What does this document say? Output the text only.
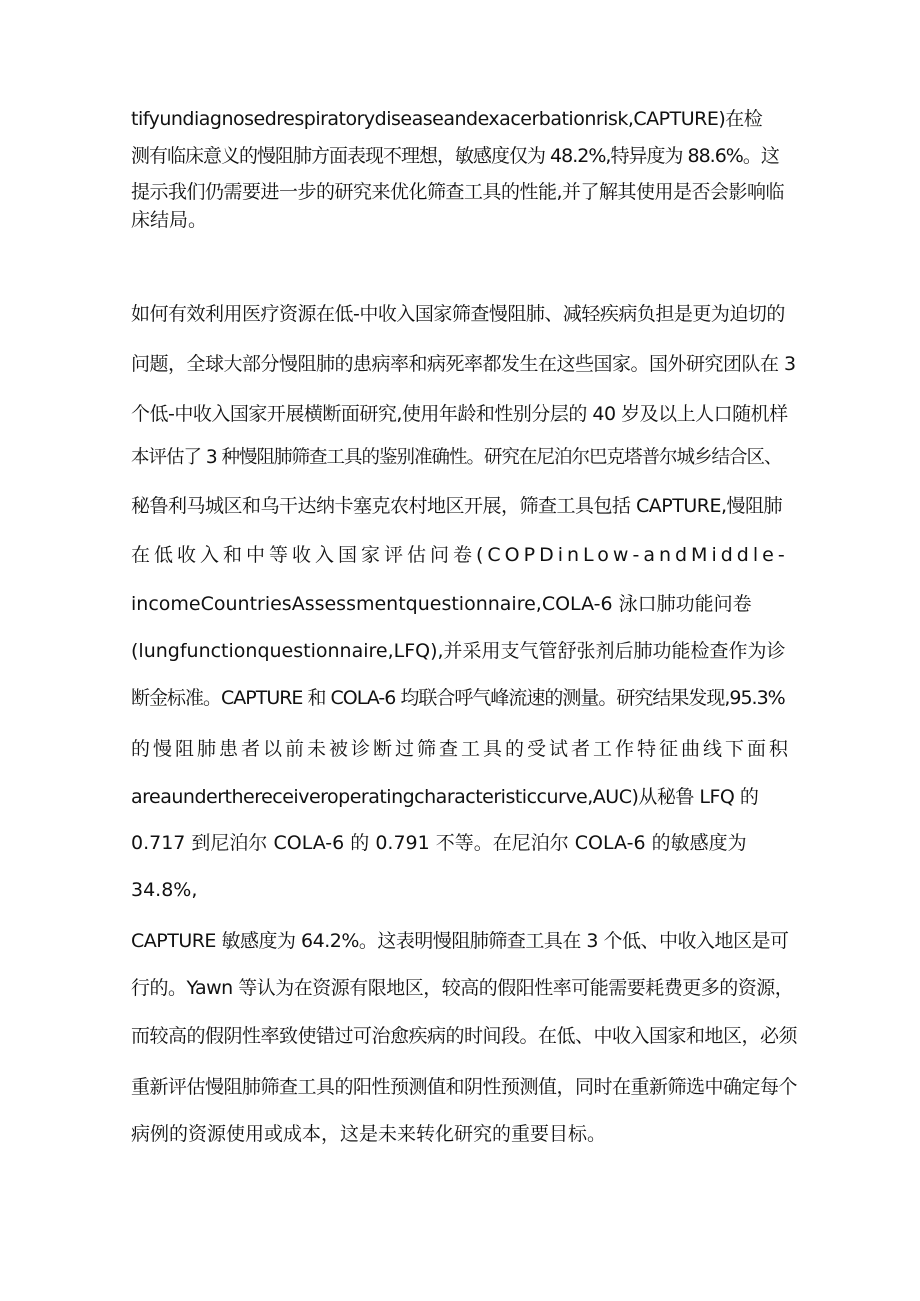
tifyundiagnosedrespiratorydiseaseandexacerbationrisk,CAPTURE)在检
测有临床意义的慢阻肺方面表现不理想，敏感度仅为 48.2%,特异度为 88.6%。这
提示我们仍需要进一步的研究来优化筛查工具的性能,并了解其使用是否会影响临
床结局。
如何有效利用医疗资源在低-中收入国家筛查慢阻肺、减轻疾病负担是更为迫切的
问题，全球大部分慢阻肺的患病率和病死率都发生在这些国家。国外研究团队在 3
个低-中收入国家开展横断面研究,使用年龄和性别分层的 40 岁及以上人口随机样
本评估了 3 种慢阻肺筛查工具的鉴别准确性。研究在尼泊尔巴克塔普尔城乡结合区、
秘鲁利马城区和乌干达纳卡塞克农村地区开展，筛查工具包括 CAPTURE,慢阻肺
在低收入和中等收入国家评估问卷(COPDinLow-andMiddle-
incomeCountriesAssessmentquestionnaire,COLA-6 泳口肺功能问卷
(lungfunctionquestionnaire,LFQ),并采用支气管舒张剂后肺功能检查作为诊
断金标准。CAPTURE 和 COLA-6 均联合呼气峰流速的测量。研究结果发现,95.3%
的慢阻肺患者以前未被诊断过筛查工具的受试者工作特征曲线下面积
areaunderthereceiveroperatingcharacteristiccurve,AUC)从秘鲁 LFQ 的
0.717 到尼泊尔 COLA-6 的 0.791 不等。在尼泊尔 COLA-6 的敏感度为
34.8%,
CAPTURE 敏感度为 64.2%。这表明慢阻肺筛查工具在 3 个低、中收入地区是可
行的。Yawn 等认为在资源有限地区，较高的假阳性率可能需要耗费更多的资源，
而较高的假阴性率致使错过可治愈疾病的时间段。在低、中收入国家和地区，必须
重新评估慢阻肺筛查工具的阳性预测值和阴性预测值，同时在重新筛选中确定每个
病例的资源使用或成本，这是未来转化研究的重要目标。
